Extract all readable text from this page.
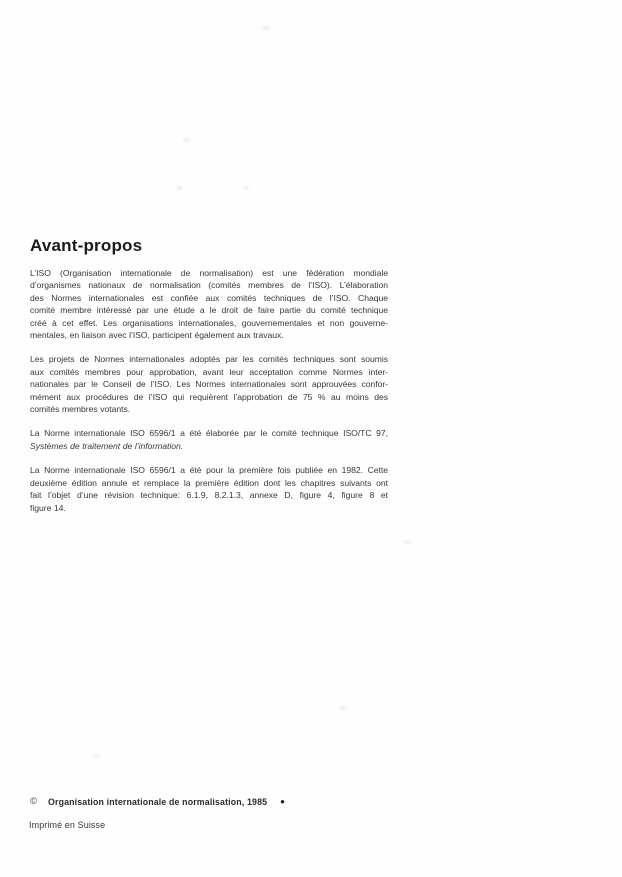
Avant-propos
L’ISO (Organisation internationale de normalisation) est une fédération mondiale
d’organismes nationaux de normalisation (comités membres de l’ISO). L’élaboration
des Normes internationales est confiée aux comités techniques de l’ISO. Chaque
comité membre intéressé par une étude a le droit de faire partie du comité technique
créé à cet effet. Les organisations internationales, gouvernementales et non gouverne-
mentales, en liaison avec l’ISO, participent également aux travaux.
Les projets de Normes internationales adoptés par les comités techniques sont soumis
aux comités membres pour approbation, avant leur acceptation comme Normes inter-
nationales par le Conseil de l’ISO. Les Normes internationales sont approuvées confor-
mément aux procédures de l’ISO qui requièrent l’approbation de 75 % au moins des
comités membres votants.
La Norme internationale ISO 6596/1 a été élaborée par le comité technique ISO/TC 97,
Systèmes de traitement de l’information.
La Norme internationale ISO 6596/1 a été pour la première fois publiée en 1982. Cette
deuxième édition annule et remplace la première édition dont les chapitres suivants ont
fait l’objet d’une révision technique: 6.1.9, 8.2.1.3, annexe D, figure 4, figure 8 et
figure 14.
© Organisation internationale de normalisation, 1985 ●
Imprimé en Suisse
